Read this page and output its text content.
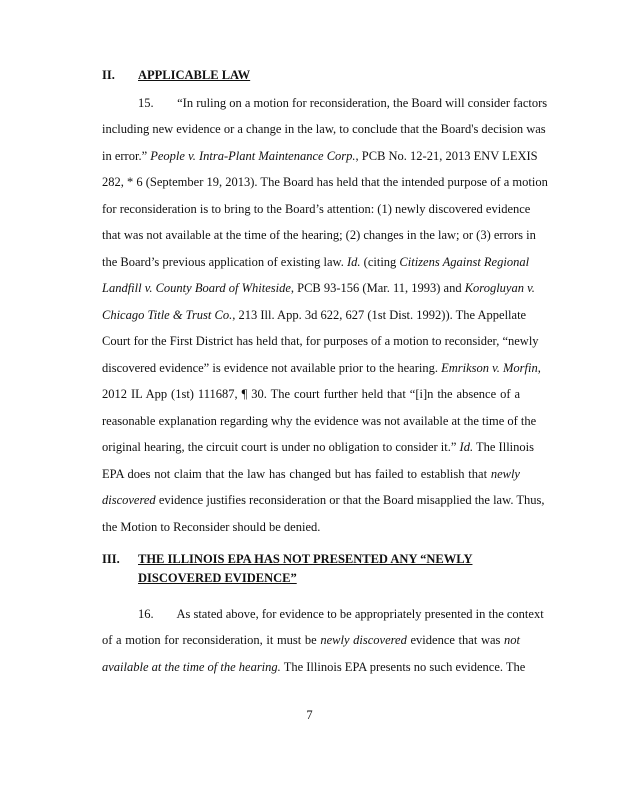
II. APPLICABLE LAW
15. “In ruling on a motion for reconsideration, the Board will consider factors
including new evidence or a change in the law, to conclude that the Board's decision was
in error.” People v. Intra-Plant Maintenance Corp., PCB No. 12-21, 2013 ENV LEXIS
282, * 6 (September 19, 2013). The Board has held that the intended purpose of a motion
for reconsideration is to bring to the Board’s attention: (1) newly discovered evidence
that was not available at the time of the hearing; (2) changes in the law; or (3) errors in
the Board’s previous application of existing law. Id. (citing Citizens Against Regional
Landfill v. County Board of Whiteside, PCB 93-156 (Mar. 11, 1993) and Korogluyan v.
Chicago Title & Trust Co., 213 Ill. App. 3d 622, 627 (1st Dist. 1992)). The Appellate
Court for the First District has held that, for purposes of a motion to reconsider, “newly
discovered evidence” is evidence not available prior to the hearing. Emrikson v. Morfin,
2012 IL App (1st) 111687, ¶ 30. The court further held that “[i]n the absence of a
reasonable explanation regarding why the evidence was not available at the time of the
original hearing, the circuit court is under no obligation to consider it.” Id. The Illinois
EPA does not claim that the law has changed but has failed to establish that newly
discovered evidence justifies reconsideration or that the Board misapplied the law. Thus,
the Motion to Reconsider should be denied.
III. THE ILLINOIS EPA HAS NOT PRESENTED ANY “NEWLY
DISCOVERED EVIDENCE”
16. As stated above, for evidence to be appropriately presented in the context
of a motion for reconsideration, it must be newly discovered evidence that was not
available at the time of the hearing. The Illinois EPA presents no such evidence. The
7
